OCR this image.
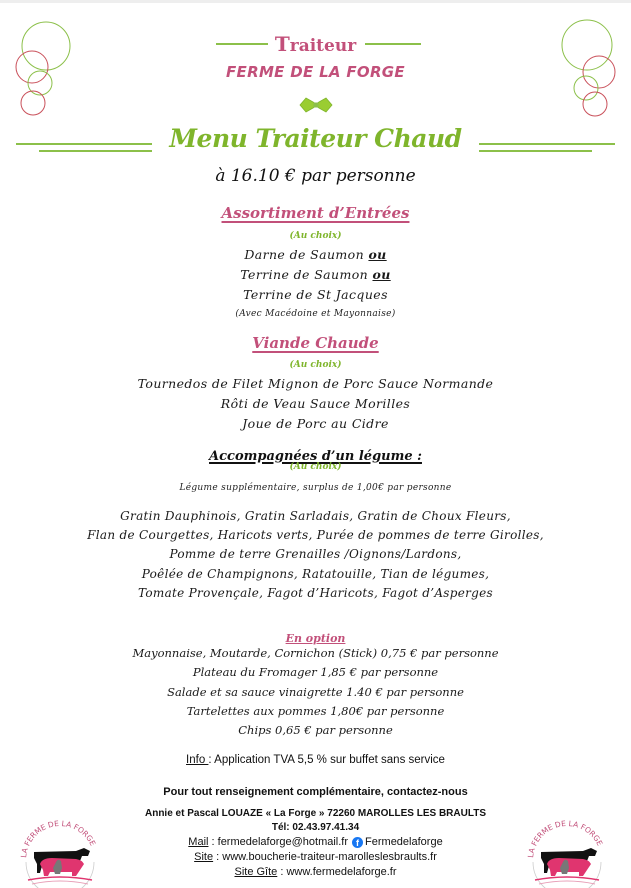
Traiteur
FERME DE LA FORGE
Menu Traiteur Chaud
à 16.10 € par personne
Assortiment d’Entrées
(Au choix)
Darne de Saumon ou
Terrine de Saumon ou
Terrine de St Jacques
(Avec Macédoine et Mayonnaise)
Viande Chaude
(Au choix)
Tournedos de Filet Mignon de Porc Sauce Normande
Rôti de Veau Sauce Morilles
Joue de Porc au Cidre
Accompagnées d’un légume :
(Au choix)
Légume supplémentaire, surplus de 1,00€ par personne
Gratin Dauphinois, Gratin Sarladais, Gratin de Choux Fleurs,
Flan de Courgettes, Haricots verts, Purée de pommes de terre Girolles,
Pomme de terre Grenailles /Oignons/Lardons,
Poêlée de Champignons, Ratatouille, Tian de légumes,
Tomate Provençale, Fagot d’Haricots, Fagot d’Asperges
En option
Mayonnaise, Moutarde, Cornichon (Stick) 0,75 € par personne
Plateau du Fromager 1,85 € par personne
Salade et sa sauce vinaigrette 1.40 € par personne
Tartelettes aux pommes 1,80€ par personne
Chips 0,65 € par personne
Info : Application TVA 5,5 % sur buffet sans service
Pour tout renseignement complémentaire, contactez-nous
Annie et Pascal LOUAZE « La Forge » 72260 MAROLLES LES BRAULTS
Tél: 02.43.97.41.34
Mail : fermedelaforge@hotmail.fr f Fermedelaforge
Site : www.boucherie-traiteur-marolleslesbraults.fr
Site Gîte : www.fermedelaforge.fr
LA FERME DE LA FORGE
LA FERME DE LA FORGE
